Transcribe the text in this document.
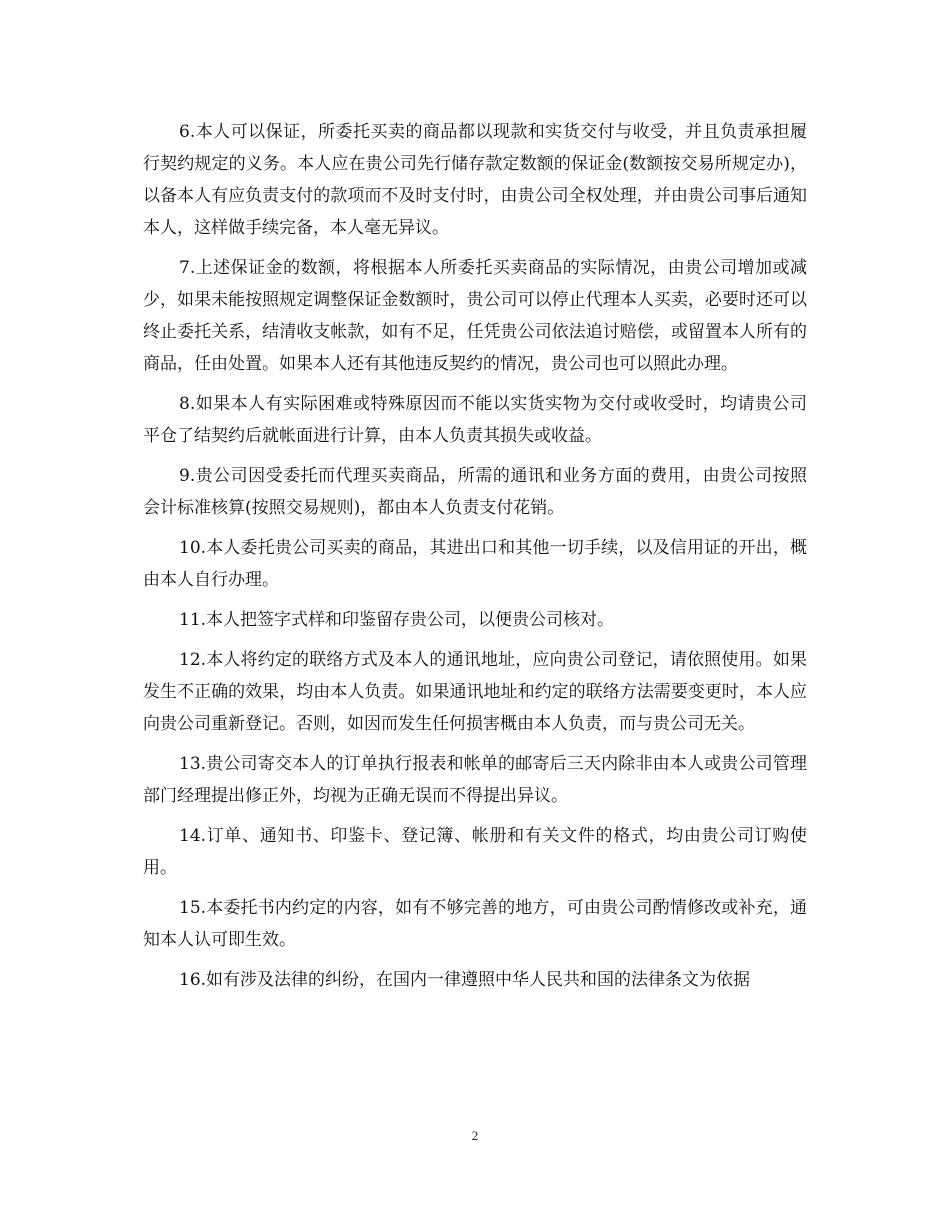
6.本人可以保证，所委托买卖的商品都以现款和实货交付与收受，并且负责承担履行契约规定的义务。本人应在贵公司先行储存款定数额的保证金(数额按交易所规定办)，以备本人有应负责支付的款项而不及时支付时，由贵公司全权处理，并由贵公司事后通知本人，这样做手续完备，本人毫无异议。

7.上述保证金的数额，将根据本人所委托买卖商品的实际情况，由贵公司增加或减少，如果未能按照规定调整保证金数额时，贵公司可以停止代理本人买卖，必要时还可以终止委托关系，结清收支帐款，如有不足，任凭贵公司依法追讨赔偿，或留置本人所有的商品，任由处置。如果本人还有其他违反契约的情况，贵公司也可以照此办理。

8.如果本人有实际困难或特殊原因而不能以实货实物为交付或收受时，均请贵公司平仓了结契约后就帐面进行计算，由本人负责其损失或收益。

9.贵公司因受委托而代理买卖商品，所需的通讯和业务方面的费用，由贵公司按照会计标准核算(按照交易规则)，都由本人负责支付花销。

10.本人委托贵公司买卖的商品，其进出口和其他一切手续，以及信用证的开出，概由本人自行办理。

11.本人把签字式样和印鉴留存贵公司，以便贵公司核对。

12.本人将约定的联络方式及本人的通讯地址，应向贵公司登记，请依照使用。如果发生不正确的效果，均由本人负责。如果通讯地址和约定的联络方法需要变更时，本人应向贵公司重新登记。否则，如因而发生任何损害概由本人负责，而与贵公司无关。

13.贵公司寄交本人的订单执行报表和帐单的邮寄后三天内除非由本人或贵公司管理部门经理提出修正外，均视为正确无误而不得提出异议。

14.订单、通知书、印鉴卡、登记簿、帐册和有关文件的格式，均由贵公司订购使用。

15.本委托书内约定的内容，如有不够完善的地方，可由贵公司酌情修改或补充，通知本人认可即生效。

16.如有涉及法律的纠纷，在国内一律遵照中华人民共和国的法律条文为依据

2
